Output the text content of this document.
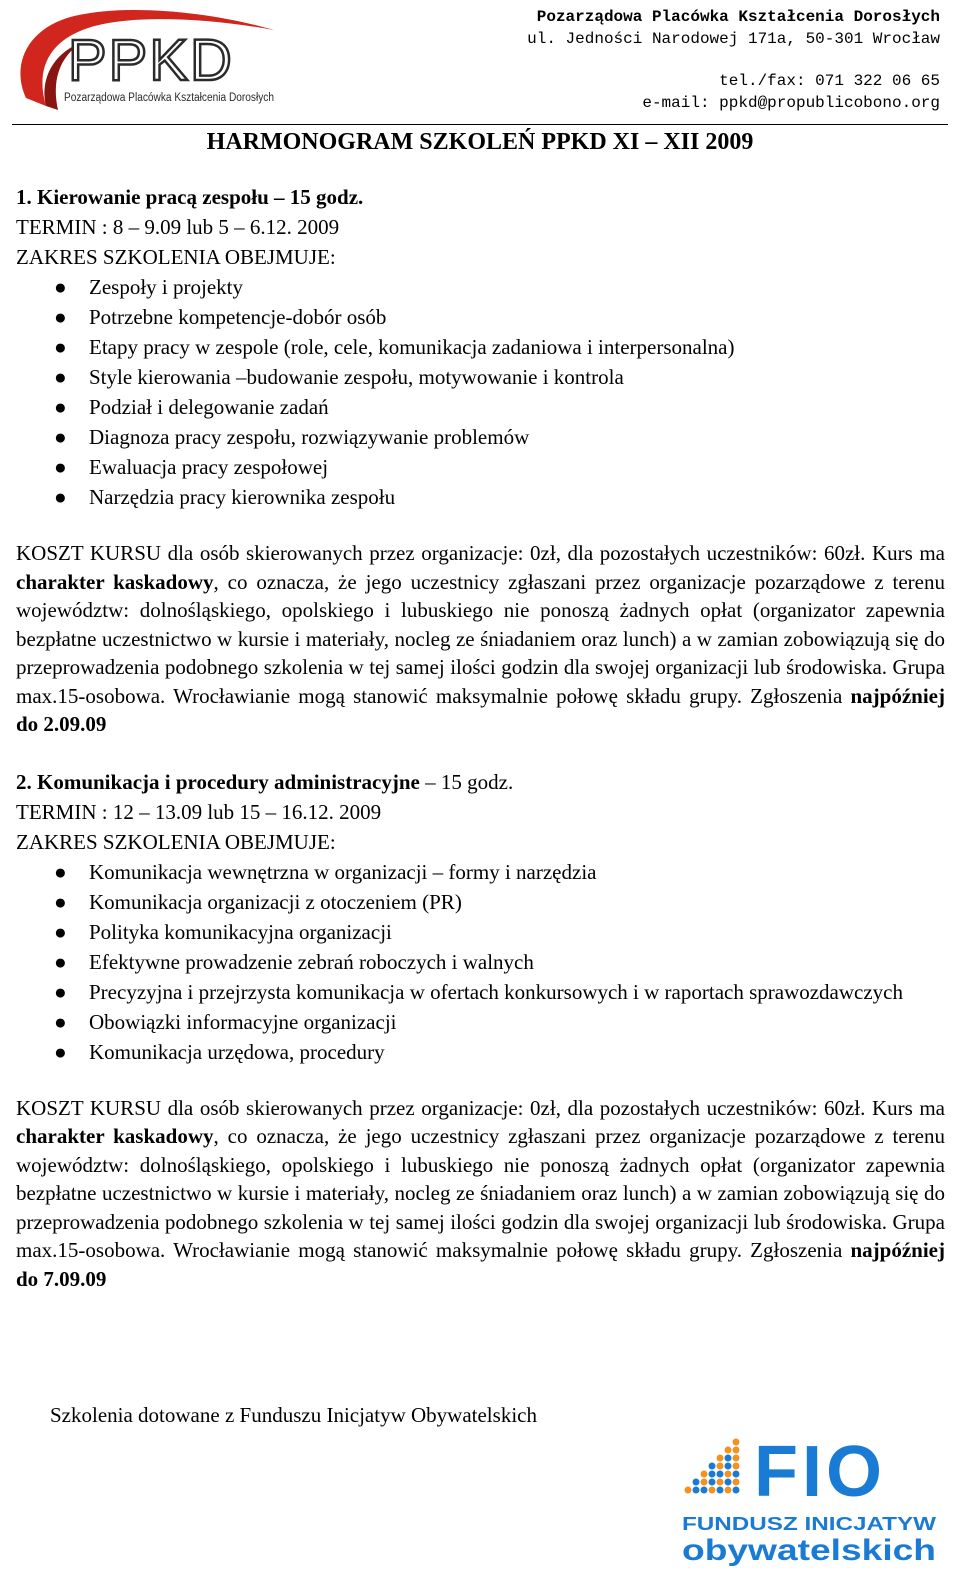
PPKD
Pozarządowa Placówka Kształcenia Dorosłych
Pozarządowa Placówka Kształcenia Dorosłych
ul. Jedności Narodowej 171a, 50-301 Wrocław
tel./fax: 071 322 06 65
e-mail: ppkd@propublicobono.org
HARMONOGRAM SZKOLEŃ PPKD XI – XII 2009

1. Kierowanie pracą zespołu – 15 godz.

TERMIN : 8 – 9.09 lub 5 – 6.12. 2009

ZAKRES SZKOLENIA OBEJMUJE:

● Zespoły i projekty
● Potrzebne kompetencje-dobór osób
● Etapy pracy w zespole (role, cele, komunikacja zadaniowa i interpersonalna)
● Style kierowania –budowanie zespołu, motywowanie i kontrola
● Podział i delegowanie zadań
● Diagnoza pracy zespołu, rozwiązywanie problemów
● Ewaluacja pracy zespołowej
● Narzędzia pracy kierownika zespołu

KOSZT KURSU dla osób skierowanych przez organizacje: 0zł, dla pozostałych uczestników: 60zł. Kurs ma charakter kaskadowy, co oznacza, że jego uczestnicy zgłaszani przez organizacje pozarządowe z terenu województw: dolnośląskiego, opolskiego i lubuskiego nie ponoszą żadnych opłat (organizator zapewnia bezpłatne uczestnictwo w kursie i materiały, nocleg ze śniadaniem oraz lunch) a w zamian zobowiązują się do przeprowadzenia podobnego szkolenia w tej samej ilości godzin dla swojej organizacji lub środowiska. Grupa max.15-osobowa. Wrocławianie mogą stanowić maksymalnie połowę składu grupy. Zgłoszenia najpóźniej do 2.09.09

2. Komunikacja i procedury administracyjne – 15 godz.

TERMIN : 12 – 13.09 lub 15 – 16.12. 2009

ZAKRES SZKOLENIA OBEJMUJE:

● Komunikacja wewnętrzna w organizacji – formy i narzędzia
● Komunikacja organizacji z otoczeniem (PR)
● Polityka komunikacyjna organizacji
● Efektywne prowadzenie zebrań roboczych i walnych
● Precyzyjna i przejrzysta komunikacja w ofertach konkursowych i w raportach sprawozdawczych
● Obowiązki informacyjne organizacji
● Komunikacja urzędowa, procedury

KOSZT KURSU dla osób skierowanych przez organizacje: 0zł, dla pozostałych uczestników: 60zł. Kurs ma charakter kaskadowy, co oznacza, że jego uczestnicy zgłaszani przez organizacje pozarządowe z terenu województw: dolnośląskiego, opolskiego i lubuskiego nie ponoszą żadnych opłat (organizator zapewnia bezpłatne uczestnictwo w kursie i materiały, nocleg ze śniadaniem oraz lunch) a w zamian zobowiązują się do przeprowadzenia podobnego szkolenia w tej samej ilości godzin dla swojej organizacji lub środowiska. Grupa max.15-osobowa. Wrocławianie mogą stanowić maksymalnie połowę składu grupy. Zgłoszenia najpóźniej do 7.09.09

Szkolenia dotowane z Funduszu Inicjatyw Obywatelskich
FIO
FUNDUSZ INICJATYW
obywatelskich
